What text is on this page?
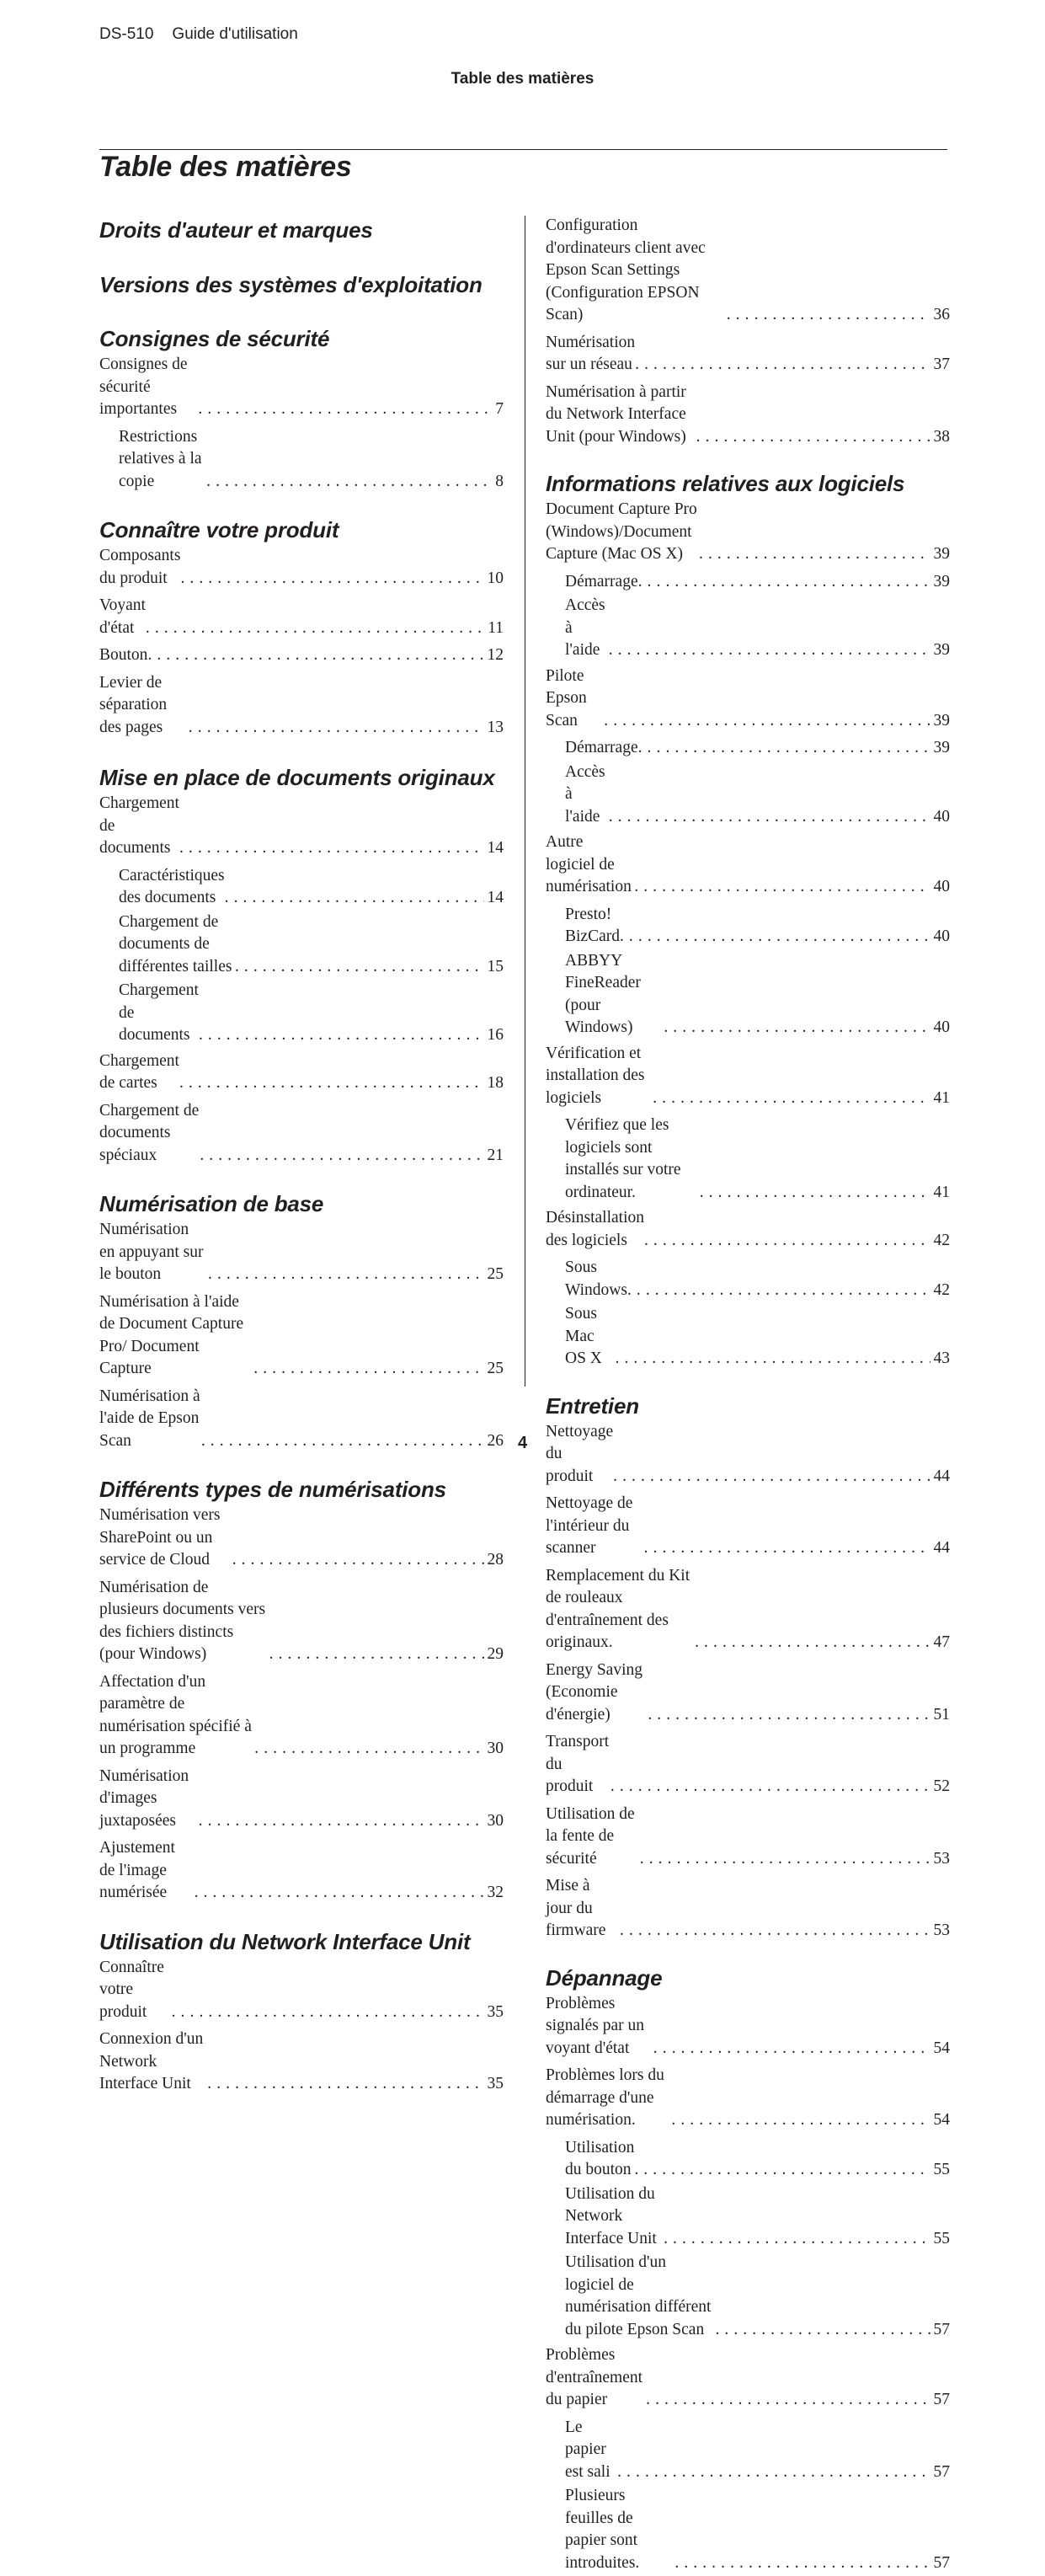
DS-510 Guide d'utilisation
Table des matières
Table des matières
Droits d'auteur et marques
Versions des systèmes d'exploitation
Consignes de sécurité
Consignes de sécurité importantes . . .	7
Restrictions relatives à la copie . . .	8
Connaître votre produit
Composants du produit . . .	10
Voyant d'état . . .	11
Bouton . . .	12
Levier de séparation des pages . . .	13
Mise en place de documents originaux
Chargement de documents . . .	14
Caractéristiques des documents . . .	14
Chargement de documents de différentes tailles . . .	15
Chargement de documents . . .	16
Chargement de cartes . . .	18
Chargement de documents spéciaux . . .	21
Numérisation de base
Numérisation en appuyant sur le bouton . . .	25
Numérisation à l'aide de Document Capture Pro/ Document Capture . . .	25
Numérisation à l'aide de Epson Scan . . .	26
Différents types de numérisations
Numérisation vers SharePoint ou un service de Cloud . . .	28
Numérisation de plusieurs documents vers des fichiers distincts (pour Windows) . . .	29
Affectation d'un paramètre de numérisation spécifié à un programme . . .	30
Numérisation d'images juxtaposées . . .	30
Ajustement de l'image numérisée . . .	32
Utilisation du Network Interface Unit
Connaître votre produit . . .	35
Connexion d'un Network Interface Unit . . .	35
Configuration d'ordinateurs client avec Epson Scan Settings (Configuration EPSON Scan) . . .	36
Numérisation sur un réseau . . .	37
Numérisation à partir du Network Interface Unit (pour Windows) . . .	38
Informations relatives aux logiciels
Document Capture Pro (Windows)/Document Capture (Mac OS X) . . .	39
Démarrage . . .	39
Accès à l'aide . . .	39
Pilote Epson Scan . . .	39
Démarrage . . .	39
Accès à l'aide . . .	40
Autre logiciel de numérisation . . .	40
Presto! BizCard . . .	40
ABBYY FineReader (pour Windows) . . .	40
Vérification et installation des logiciels . . .	41
Vérifiez que les logiciels sont installés sur votre ordinateur. . . .	41
Désinstallation des logiciels . . .	42
Sous Windows . . .	42
Sous Mac OS X . . .	43
Entretien
Nettoyage du produit . . .	44
Nettoyage de l'intérieur du scanner . . .	44
Remplacement du Kit de rouleaux d'entraînement des originaux. . . .	47
Energy Saving (Economie d'énergie) . . .	51
Transport du produit . . .	52
Utilisation de la fente de sécurité . . .	53
Mise à jour du firmware . . .	53
Dépannage
Problèmes signalés par un voyant d'état . . .	54
Problèmes lors du démarrage d'une numérisation. . . .	54
Utilisation du bouton . . .	55
Utilisation du Network Interface Unit . . .	55
Utilisation d'un logiciel de numérisation différent du pilote Epson Scan . . .	57
Problèmes d'entraînement du papier . . .	57
Le papier est sali . . .	57
Plusieurs feuilles de papier sont introduites. . . .	57
4
